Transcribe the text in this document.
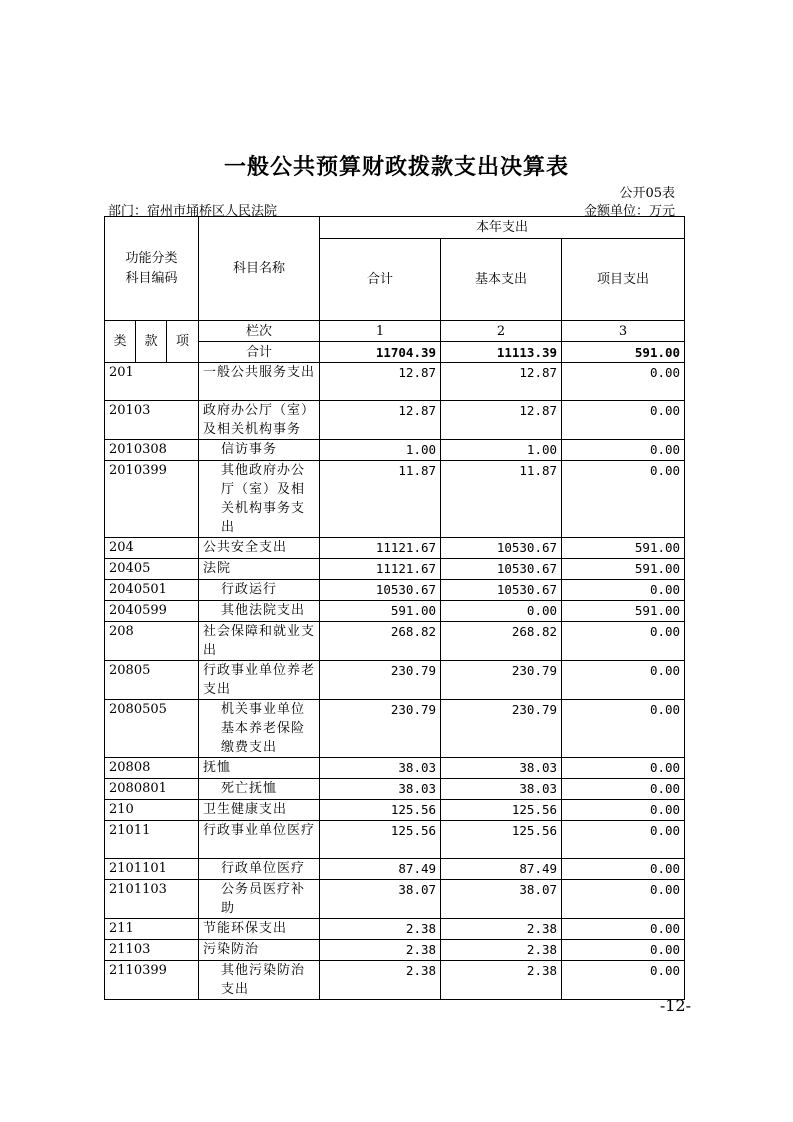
一般公共预算财政拨款支出决算表
公开05表
部门：宿州市埇桥区人民法院	金额单位：万元
功能分类
科目编码			科目名称	本年支出		
				合计	基本支出	项目支出
类	款	项	栏次	1	2	3
			合计	11704.39	11113.39	591.00
201			一般公共服务支出	12.87	12.87	0.00
20103			政府办公厅（室）及相关机构事务	12.87	12.87	0.00
2010308			信访事务	1.00	1.00	0.00
2010399			其他政府办公厅（室）及相关机构事务支出	11.87	11.87	0.00
204			公共安全支出	11121.67	10530.67	591.00
20405			法院	11121.67	10530.67	591.00
2040501			行政运行	10530.67	10530.67	0.00
2040599			其他法院支出	591.00	0.00	591.00
208			社会保障和就业支出	268.82	268.82	0.00
20805			行政事业单位养老支出	230.79	230.79	0.00
2080505			机关事业单位基本养老保险缴费支出	230.79	230.79	0.00
20808			抚恤	38.03	38.03	0.00
2080801			死亡抚恤	38.03	38.03	0.00
210			卫生健康支出	125.56	125.56	0.00
21011			行政事业单位医疗	125.56	125.56	0.00
2101101			行政单位医疗	87.49	87.49	0.00
2101103			公务员医疗补助	38.07	38.07	0.00
211			节能环保支出	2.38	2.38	0.00
21103			污染防治	2.38	2.38	0.00
2110399			其他污染防治支出	2.38	2.38	0.00
-12-
